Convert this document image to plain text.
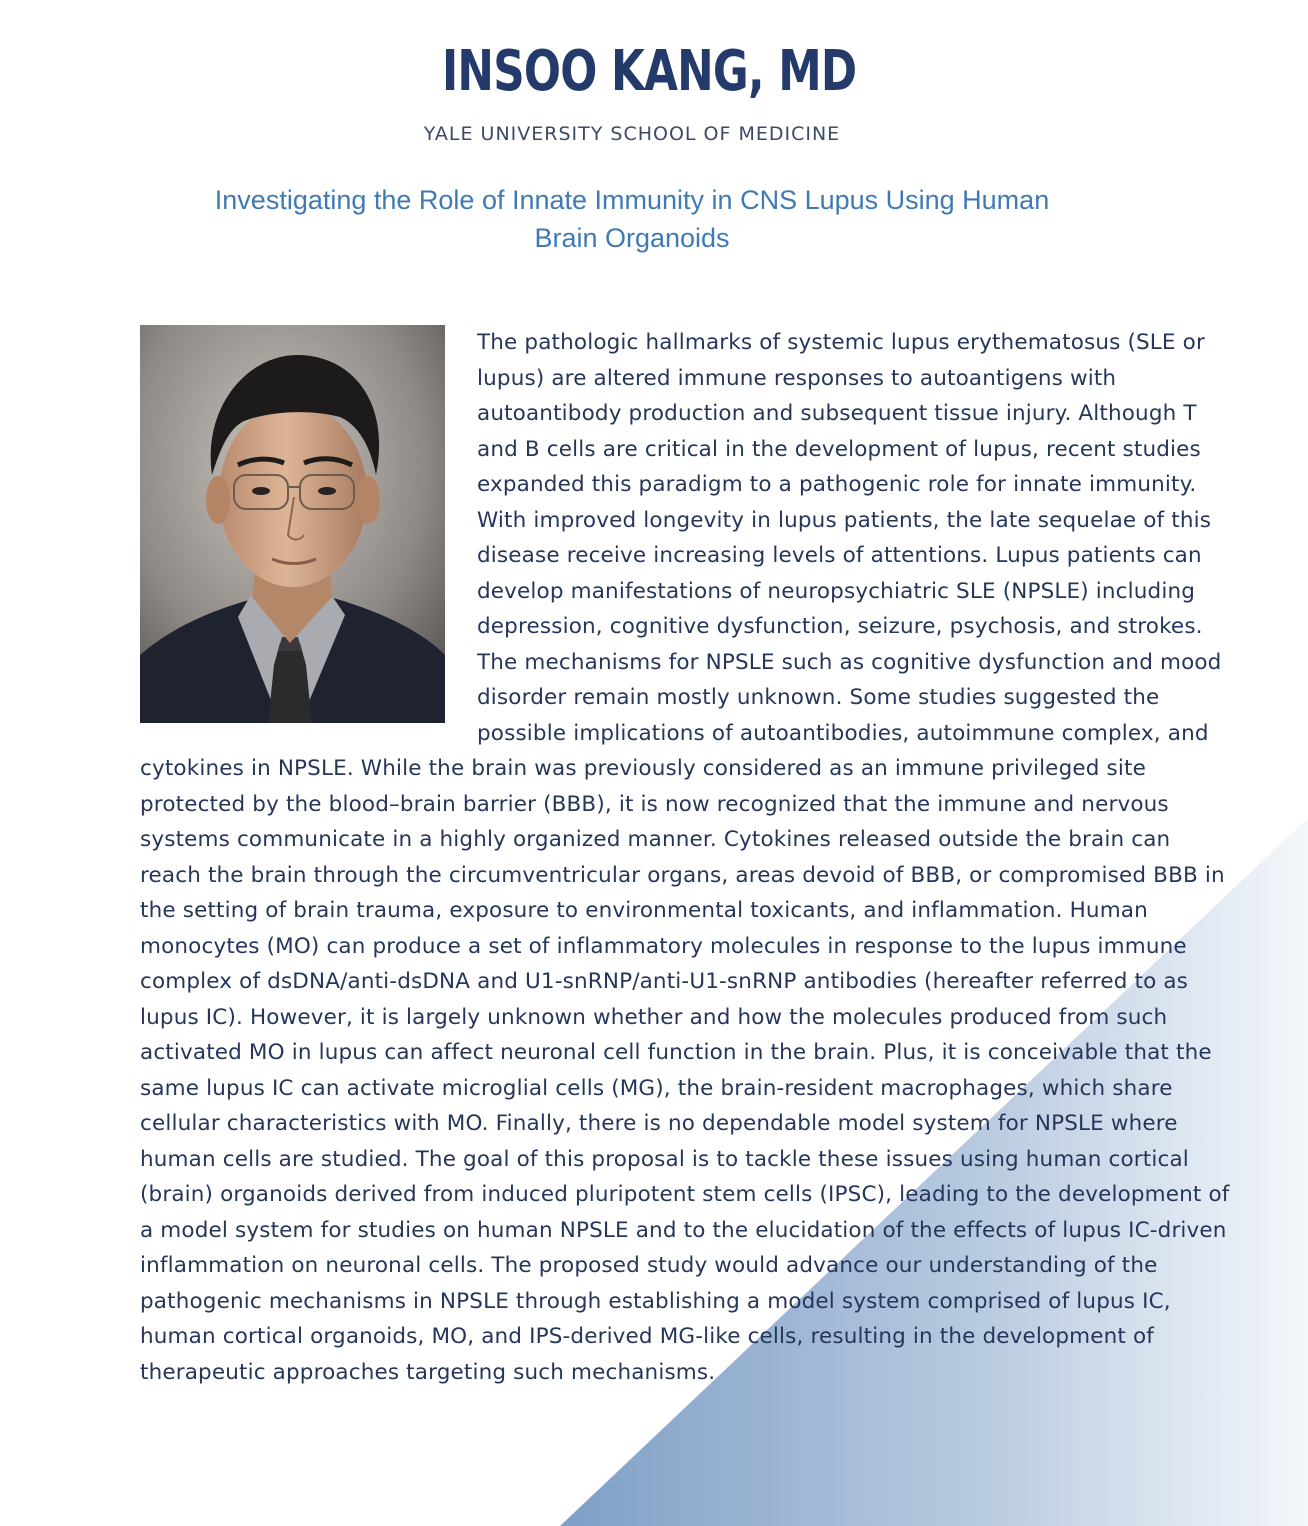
INSOO KANG, MD
YALE UNIVERSITY SCHOOL OF MEDICINE
Investigating the Role of Innate Immunity in CNS Lupus Using Human Brain Organoids

The pathologic hallmarks of systemic lupus erythematosus (SLE or lupus) are altered immune responses to autoantigens with autoantibody production and subsequent tissue injury. Although T and B cells are critical in the development of lupus, recent studies expanded this paradigm to a pathogenic role for innate immunity. With improved longevity in lupus patients, the late sequelae of this disease receive increasing levels of attentions. Lupus patients can develop manifestations of neuropsychiatric SLE (NPSLE) including depression, cognitive dysfunction, seizure, psychosis, and strokes. The mechanisms for NPSLE such as cognitive dysfunction and mood disorder remain mostly unknown. Some studies suggested the possible implications of autoantibodies, autoimmune complex, and cytokines in NPSLE. While the brain was previously considered as an immune privileged site protected by the blood–brain barrier (BBB), it is now recognized that the immune and nervous systems communicate in a highly organized manner. Cytokines released outside the brain can reach the brain through the circumventricular organs, areas devoid of BBB, or compromised BBB in the setting of brain trauma, exposure to environmental toxicants, and inflammation. Human monocytes (MO) can produce a set of inflammatory molecules in response to the lupus immune complex of dsDNA/anti-dsDNA and U1-snRNP/anti-U1-snRNP antibodies (hereafter referred to as lupus IC). However, it is largely unknown whether and how the molecules produced from such activated MO in lupus can affect neuronal cell function in the brain. Plus, it is conceivable that the same lupus IC can activate microglial cells (MG), the brain-resident macrophages, which share cellular characteristics with MO. Finally, there is no dependable model system for NPSLE where human cells are studied. The goal of this proposal is to tackle these issues using human cortical (brain) organoids derived from induced pluripotent stem cells (IPSC), leading to the development of a model system for studies on human NPSLE and to the elucidation of the effects of lupus IC-driven inflammation on neuronal cells. The proposed study would advance our understanding of the pathogenic mechanisms in NPSLE through establishing a model system comprised of lupus IC, human cortical organoids, MO, and IPS-derived MG-like cells, resulting in the development of therapeutic approaches targeting such mechanisms.
